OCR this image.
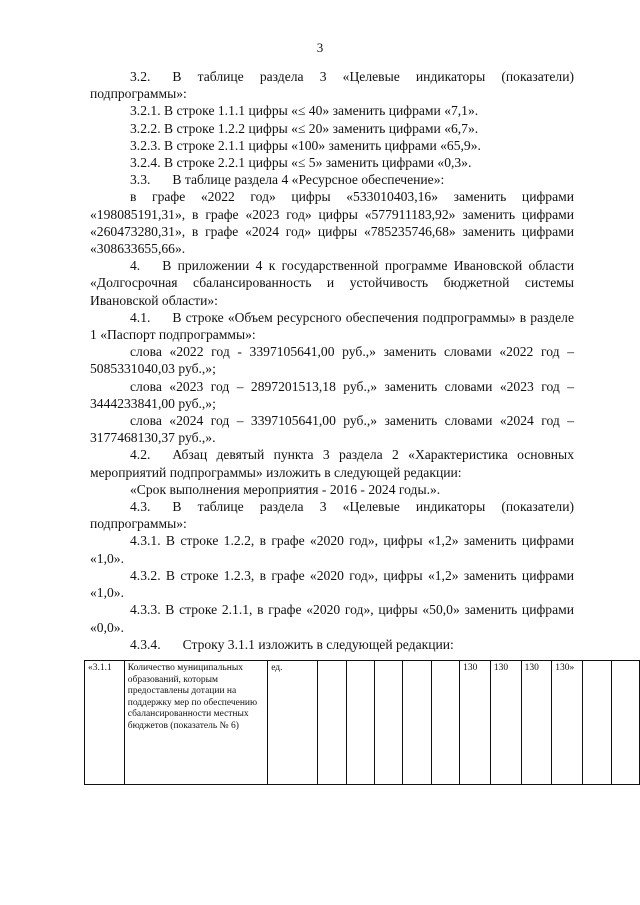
3

3.2. В таблице раздела 3 «Целевые индикаторы (показатели) подпрограммы»:

3.2.1. В строке 1.1.1 цифры «≤ 40» заменить цифрами «7,1».

3.2.2. В строке 1.2.2 цифры «≤ 20» заменить цифрами «6,7».

3.2.3. В строке 2.1.1 цифры «100» заменить цифрами «65,9».

3.2.4. В строке 2.2.1 цифры «≤ 5» заменить цифрами «0,3».

3.3. В таблице раздела 4 «Ресурсное обеспечение»:

в графе «2022 год» цифры «533010403,16» заменить цифрами «198085191,31», в графе «2023 год» цифры «577911183,92» заменить цифрами «260473280,31», в графе «2024 год» цифры «785235746,68» заменить цифрами «308633655,66».

4. В приложении 4 к государственной программе Ивановской области «Долгосрочная сбалансированность и устойчивость бюджетной системы Ивановской области»:

4.1. В строке «Объем ресурсного обеспечения подпрограммы» в разделе 1 «Паспорт подпрограммы»:

слова «2022 год - 3397105641,00 руб.,» заменить словами «2022 год – 5085331040,03 руб.,»;

слова «2023 год – 2897201513,18 руб.,» заменить словами «2023 год – 3444233841,00 руб.,»;

слова «2024 год – 3397105641,00 руб.,» заменить словами «2024 год – 3177468130,37 руб.,».

4.2. Абзац девятый пункта 3 раздела 2 «Характеристика основных мероприятий подпрограммы» изложить в следующей редакции:

«Срок выполнения мероприятия - 2016 - 2024 годы.».

4.3. В таблице раздела 3 «Целевые индикаторы (показатели) подпрограммы»:

4.3.1. В строке 1.2.2, в графе «2020 год», цифры «1,2» заменить цифрами «1,0».

4.3.2. В строке 1.2.3, в графе «2020 год», цифры «1,2» заменить цифрами «1,0».

4.3.3. В строке 2.1.1, в графе «2020 год», цифры «50,0» заменить цифрами «0,0».

4.3.4. Строку 3.1.1 изложить в следующей редакции:

«3.1.1	Количество муниципальных образований, которым предоставлены дотации на поддержку мер по обеспечению сбалансированности местных бюджетов (показатель № 6)	ед.						130	130	130	130»		
